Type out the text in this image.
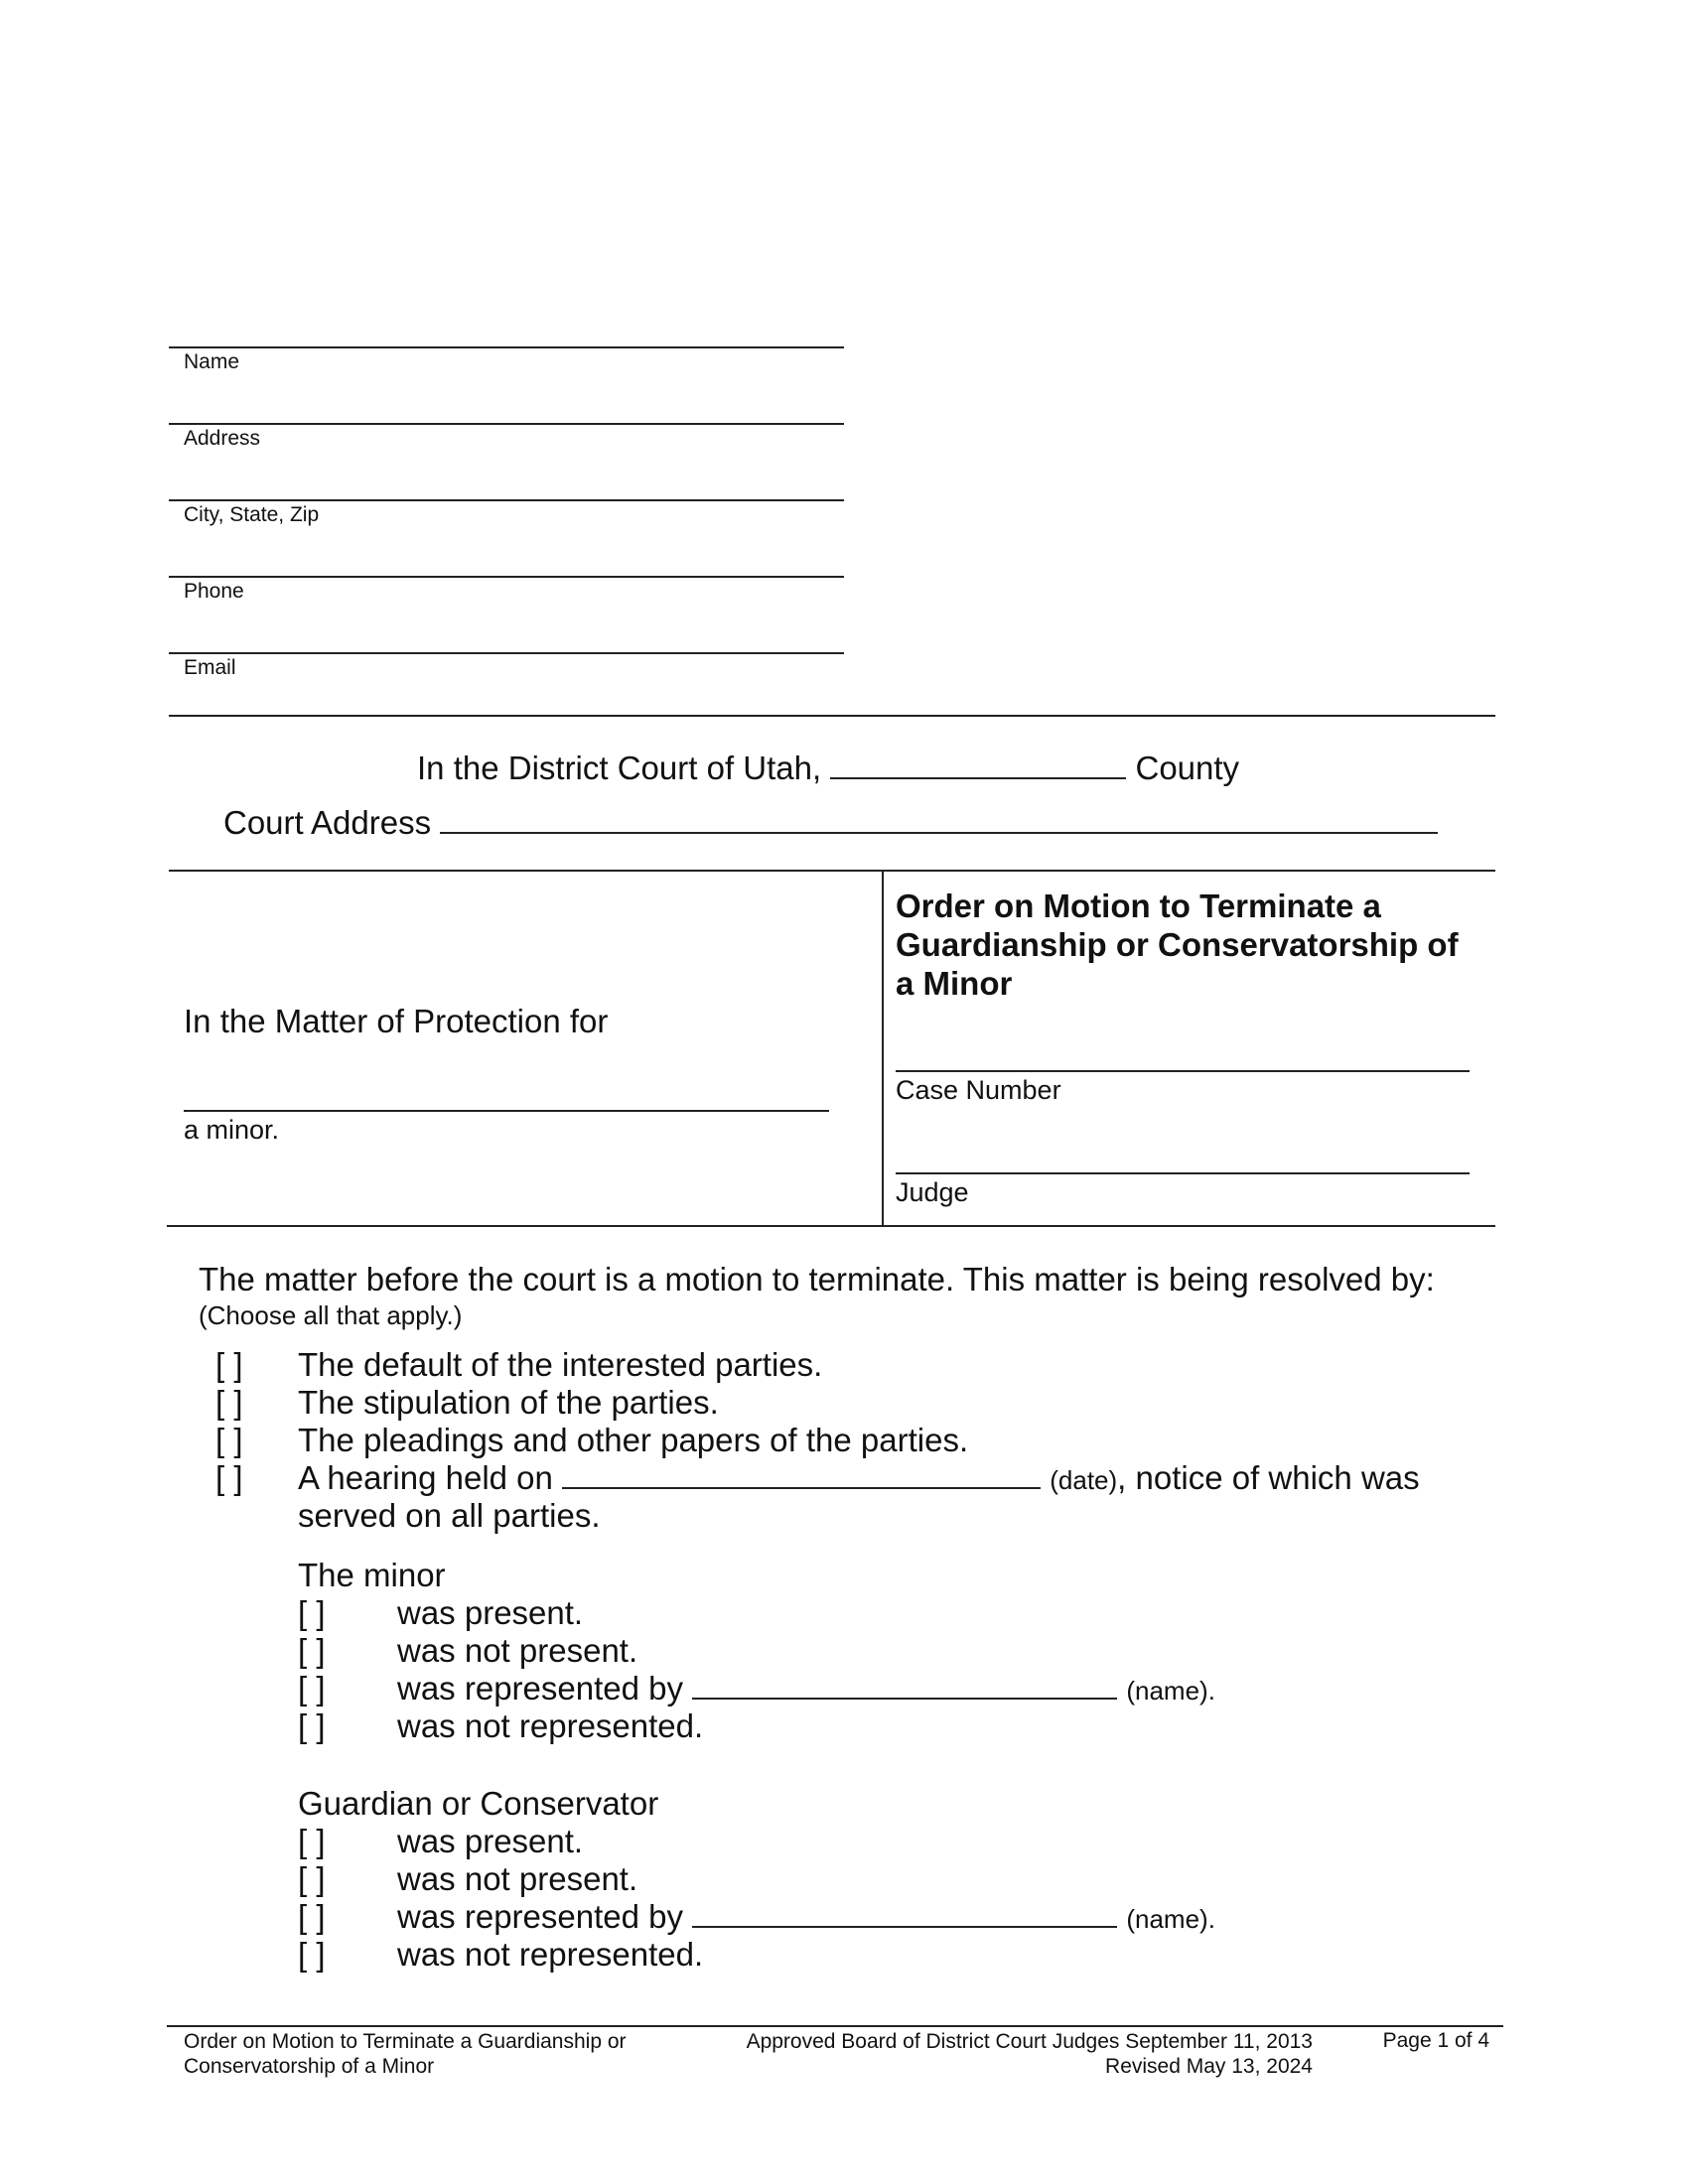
Name
Address
City, State, Zip
Phone
Email
In the District Court of Utah,	County
Court Address
In the Matter of Protection for
a minor.
Order on Motion to Terminate a Guardianship or Conservatorship of a Minor
Case Number
Judge
The matter before the court is a motion to terminate. This matter is being resolved by:
(Choose all that apply.)
[ ] The default of the interested parties.
[ ] The stipulation of the parties.
[ ] The pleadings and other papers of the parties.
[ ] A hearing held on	(date), notice of which was
served on all parties.
The minor
[ ] was present.
[ ] was not present.
[ ] was represented by	(name).
[ ] was not represented.
Guardian or Conservator
[ ] was present.
[ ] was not present.
[ ] was represented by	(name).
[ ] was not represented.
Order on Motion to Terminate a Guardianship or
Conservatorship of a Minor
Approved Board of District Court Judges September 11, 2013
Revised May 13, 2024
Page 1 of 4
